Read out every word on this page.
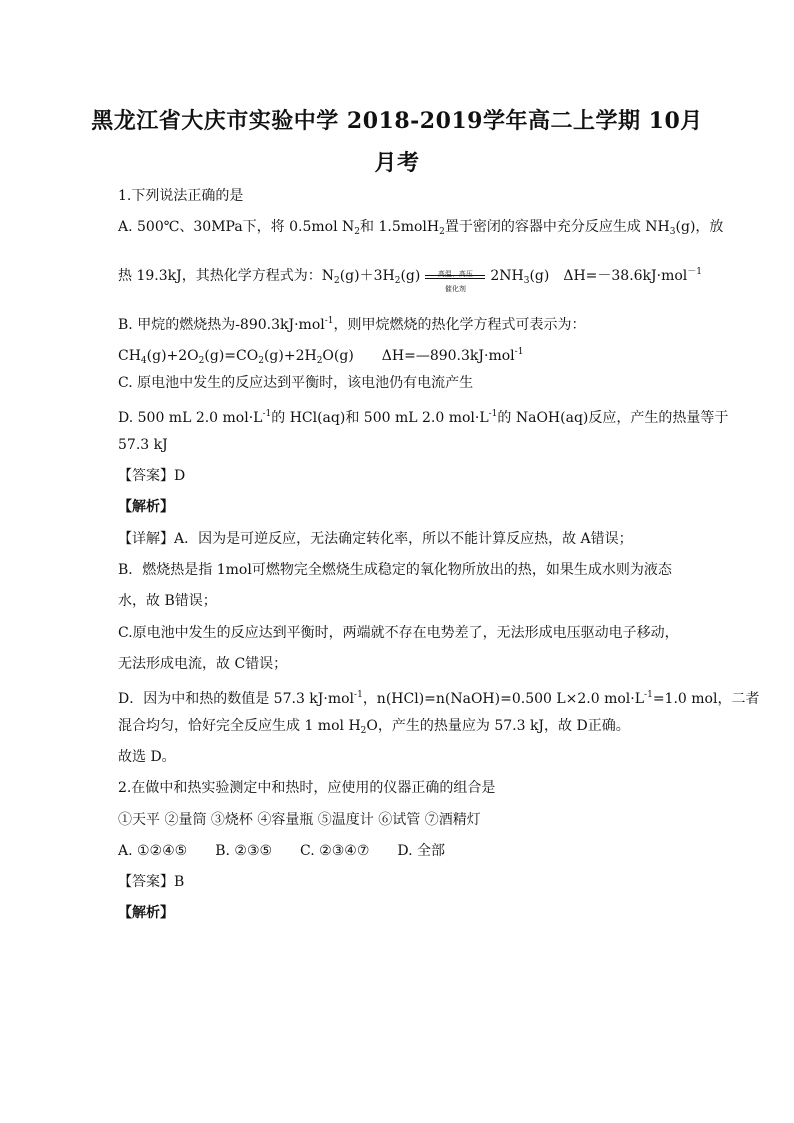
黑龙江省大庆市实验中学 2018-2019学年高二上学期 10月
月考
1.下列说法正确的是
A. 500℃、30MPa下，将 0.5mol $N_2$和 1.5molH$_2$置于密闭的容器中充分反应生成 $NH_3(g)$，放
热 19.3kJ，其热化学方程式为：$N_2(g)+3H_2(g)$	高温、高压
催化剂
$2NH_3(g)$　ΔH=－38.6kJ·mol$^{-1}$
B. 甲烷的燃烧热为-890.3kJ·mol$^{-1}$，则甲烷燃烧的热化学方程式可表示为：
$CH_4(g)+2O_2(g)=CO_2(g)+2H_2O(g)$　　ΔH=—890.3kJ·mol$^{-1}$
C. 原电池中发生的反应达到平衡时，该电池仍有电流产生
D. 500 mL 2.0 $mol\cdot L^{-1}$的 HCl(aq)和 500 mL 2.0 $mol\cdot L^{-1}$的 NaOH(aq)反应，产生的热量等于
57.3 kJ
【答案】D
【解析】
【详解】A．因为是可逆反应，无法确定转化率，所以不能计算反应热，故 A错误；
B．燃烧热是指 1mol可燃物完全燃烧生成稳定的氧化物所放出的热，如果生成水则为液态
水，故 B错误；
C.原电池中发生的反应达到平衡时，两端就不存在电势差了，无法形成电压驱动电子移动，
无法形成电流，故 C错误；
D．因为中和热的数值是 57.3 kJ·mol$^{-1}$，n(HCl)=n(NaOH)=0.500 L×2.0 $mol\cdot L^{-1}=1.0$ mol，二者
混合均匀，恰好完全反应生成 1 mol $H_2O$，产生的热量应为 57.3 kJ，故 D正确。
故选 D。
2.在做中和热实验测定中和热时，应使用的仪器正确的组合是
①天平 ②量筒 ③烧杯 ④容量瓶 ⑤温度计 ⑥试管 ⑦酒精灯
A. ①②④⑤　　B. ②③⑤　　C. ②③④⑦　　D. 全部
【答案】B
【解析】
